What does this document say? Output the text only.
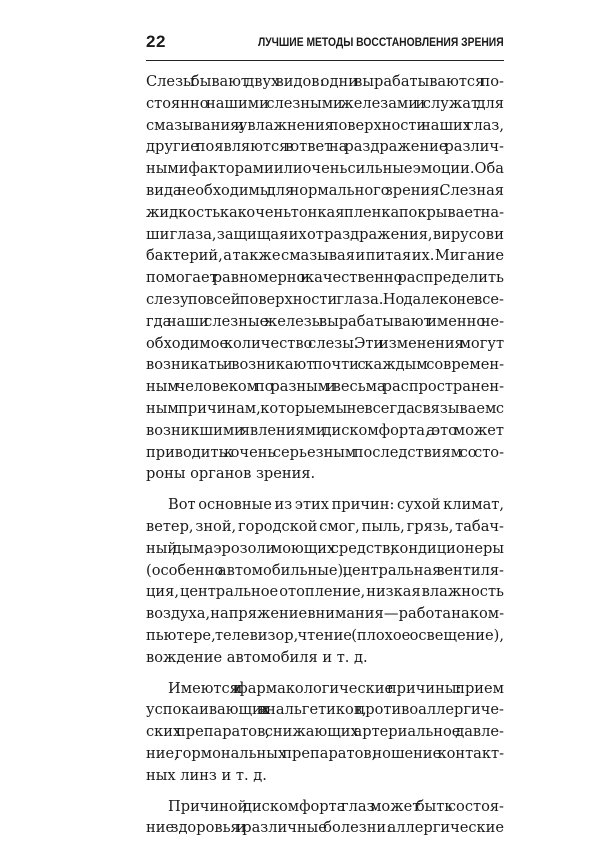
22	ЛУЧШИЕ МЕТОДЫ ВОССТАНОВЛЕНИЯ ЗРЕНИЯ

Слезы бывают двух видов: одни вырабатываются по-
стоянно нашими слезными железами и служат для
смазывания и увлажнения поверхности наших глаз,
другие появляются в ответ на раздражение различ-
ными факторами или очень сильные эмоции. Оба
вида необходимы для нормального зрения. Слезная
жидкость как очень тонкая пленка покрывает на-
ши глаза, защищая их от раздражения, вирусов и
бактерий, а также смазывая и питая их. Мигание
помогает равномерно и качественно распределить
слезу по всей поверхности глаза. Но далеко не все-
гда наши слезные железы вырабатывают именно не-
обходимое количество слезы. Эти изменения могут
возникать и возникают почти с каждым современ-
ным человеком по разным и весьма распространен-
ным причинам, которые мы не всегда связываем с
возникшими явлениями дискомфорта, а это может
приводить к очень серьезным последствиям со сто-
роны органов зрения.

Вот основные из этих причин: сухой климат,
ветер, зной, городской смог, пыль, грязь, табач-
ный дым, аэрозоли моющих средств, кондиционеры
(особенно автомобильные), центральная вентиля-
ция, центральное отопление, низкая влажность
воздуха, напряжение внимания — работа на ком-
пьютере, телевизор, чтение (плохое освещение),
вождение автомобиля и т. д.

Имеются и фармакологические причины: прием
успокаивающих и анальгетиков, противоаллергиче-
ских препаратов, снижающих артериальное давле-
ние, гормональных препаратов, ношение контакт-
ных линз и т. д.

Причиной дискомфорта глаз может быть состоя-
ние здоровья и различные болезни: аллергические
